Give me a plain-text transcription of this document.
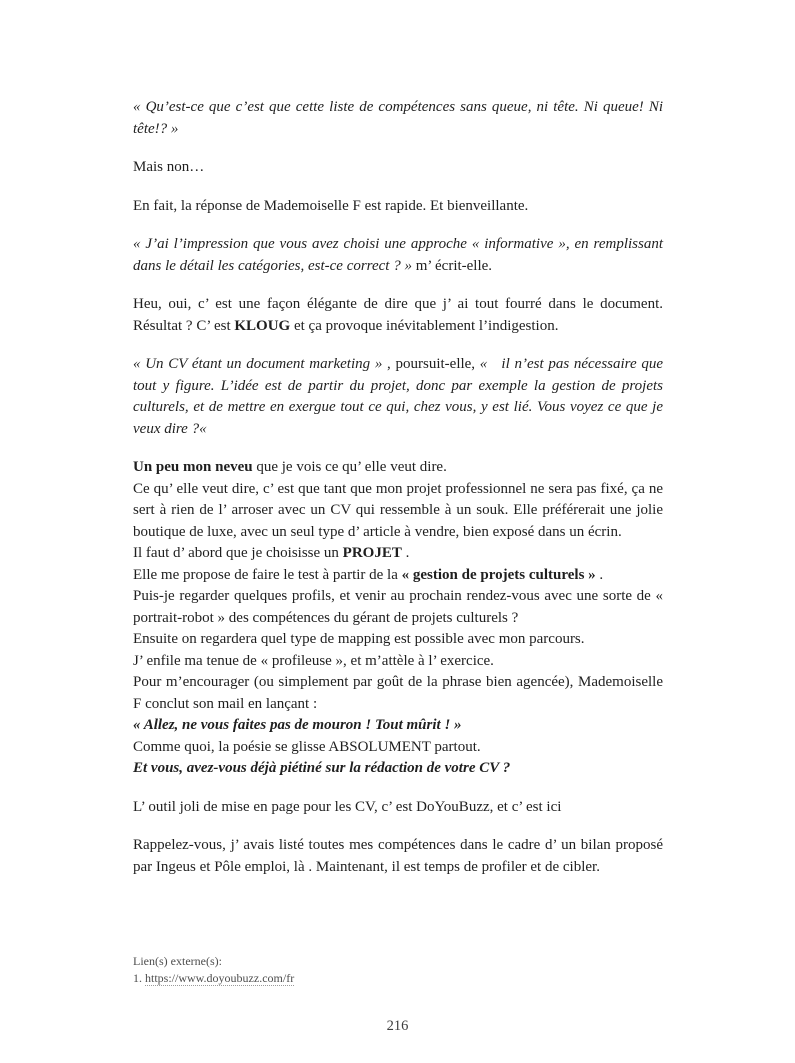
« Qu’est-ce que c’est que cette liste de compétences sans queue, ni tête. Ni queue! Ni tête!? »

Mais non…

En fait, la réponse de Mademoiselle F est rapide. Et bienveillante.

« J’ai l’impression que vous avez choisi une approche « informative », en remplissant dans le détail les catégories, est-ce correct ? » m’ écrit-elle.

Heu, oui, c’ est une façon élégante de dire que j’ ai tout fourré dans le document. Résultat ? C’ est KLOUG et ça provoque inévitablement l’indigestion.

« Un CV étant un document marketing » , poursuit-elle, «   il n’est pas nécessaire que tout y figure. L’idée est de partir du projet, donc par exemple la gestion de projets culturels, et de mettre en exergue tout ce qui, chez vous, y est lié. Vous voyez ce que je veux dire ?«

Un peu mon neveu que je vois ce qu’ elle veut dire.

Ce qu’ elle veut dire, c’ est que tant que mon projet professionnel ne sera pas fixé, ça ne sert à rien de l’ arroser avec un CV qui ressemble à un souk. Elle préférerait une jolie boutique de luxe, avec un seul type d’ article à vendre, bien exposé dans un écrin.

Il faut d’ abord que je choisisse un PROJET .

Elle me propose de faire le test à partir de la « gestion de projets culturels » .

Puis-je regarder quelques profils, et venir au prochain rendez-vous avec une sorte de « portrait-robot » des compétences du gérant de projets culturels ?

Ensuite on regardera quel type de mapping est possible avec mon parcours.

J’ enfile ma tenue de « profileuse », et m’attèle à l’ exercice.

Pour m’encourager (ou simplement par goût de la phrase bien agencée), Mademoiselle F conclut son mail en lançant :

« Allez, ne vous faites pas de mouron ! Tout mûrit ! »

Comme quoi, la poésie se glisse ABSOLUMENT partout.

Et vous, avez-vous déjà piétiné sur la rédaction de votre CV ?

L’ outil joli de mise en page pour les CV, c’ est DoYouBuzz, et c’ est ici

Rappelez-vous, j’ avais listé toutes mes compétences dans le cadre d’ un bilan proposé par Ingeus et Pôle emploi, là . Maintenant, il est temps de profiler et de cibler.

Lien(s) externe(s):
1. https://www.doyoubuzz.com/fr
216
